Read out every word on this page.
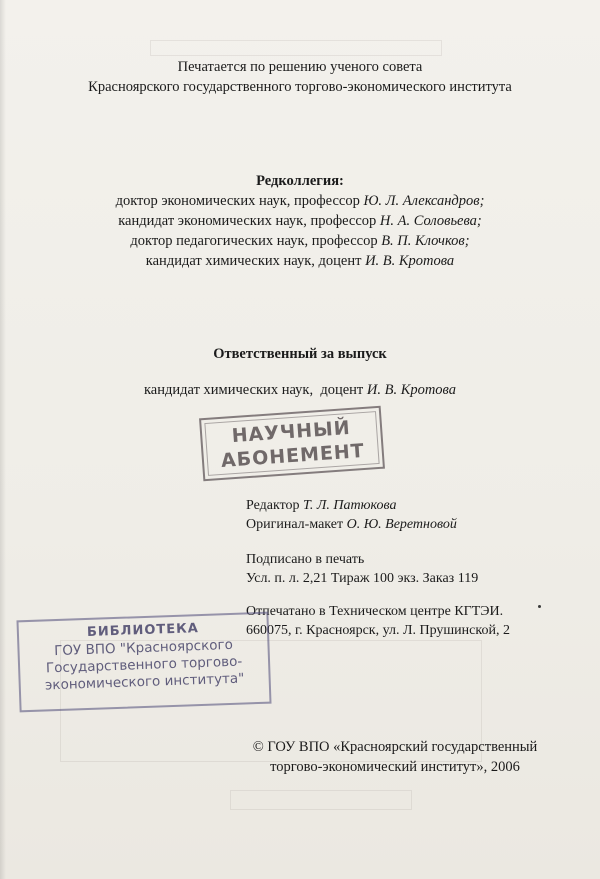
Печатается по решению ученого совета
Красноярского государственного торгово-экономического института
Редколлегия:
доктор экономических наук, профессор Ю. Л. Александров;
кандидат экономических наук, профессор Н. А. Соловьева;
доктор педагогических наук, профессор В. П. Клочков;
кандидат химических наук, доцент И. В. Кротова
Ответственный за выпуск
кандидат химических наук,  доцент И. В. Кротова
НАУЧНЫЙ
АБОНЕМЕНТ
Редактор Т. Л. Патюкова
Оригинал-макет О. Ю. Веретновой
Подписано в печать
Усл. п. л. 2,21 Тираж 100 экз. Заказ 119
Отпечатано в Техническом центре КГТЭИ.
660075, г. Красноярск, ул. Л. Прушинской, 2
БИБЛИОТЕКА
ГОУ ВПО "Красноярского
Государственного торгово-
экономического института"
© ГОУ ВПО «Красноярский государственный
торгово-экономический институт», 2006
